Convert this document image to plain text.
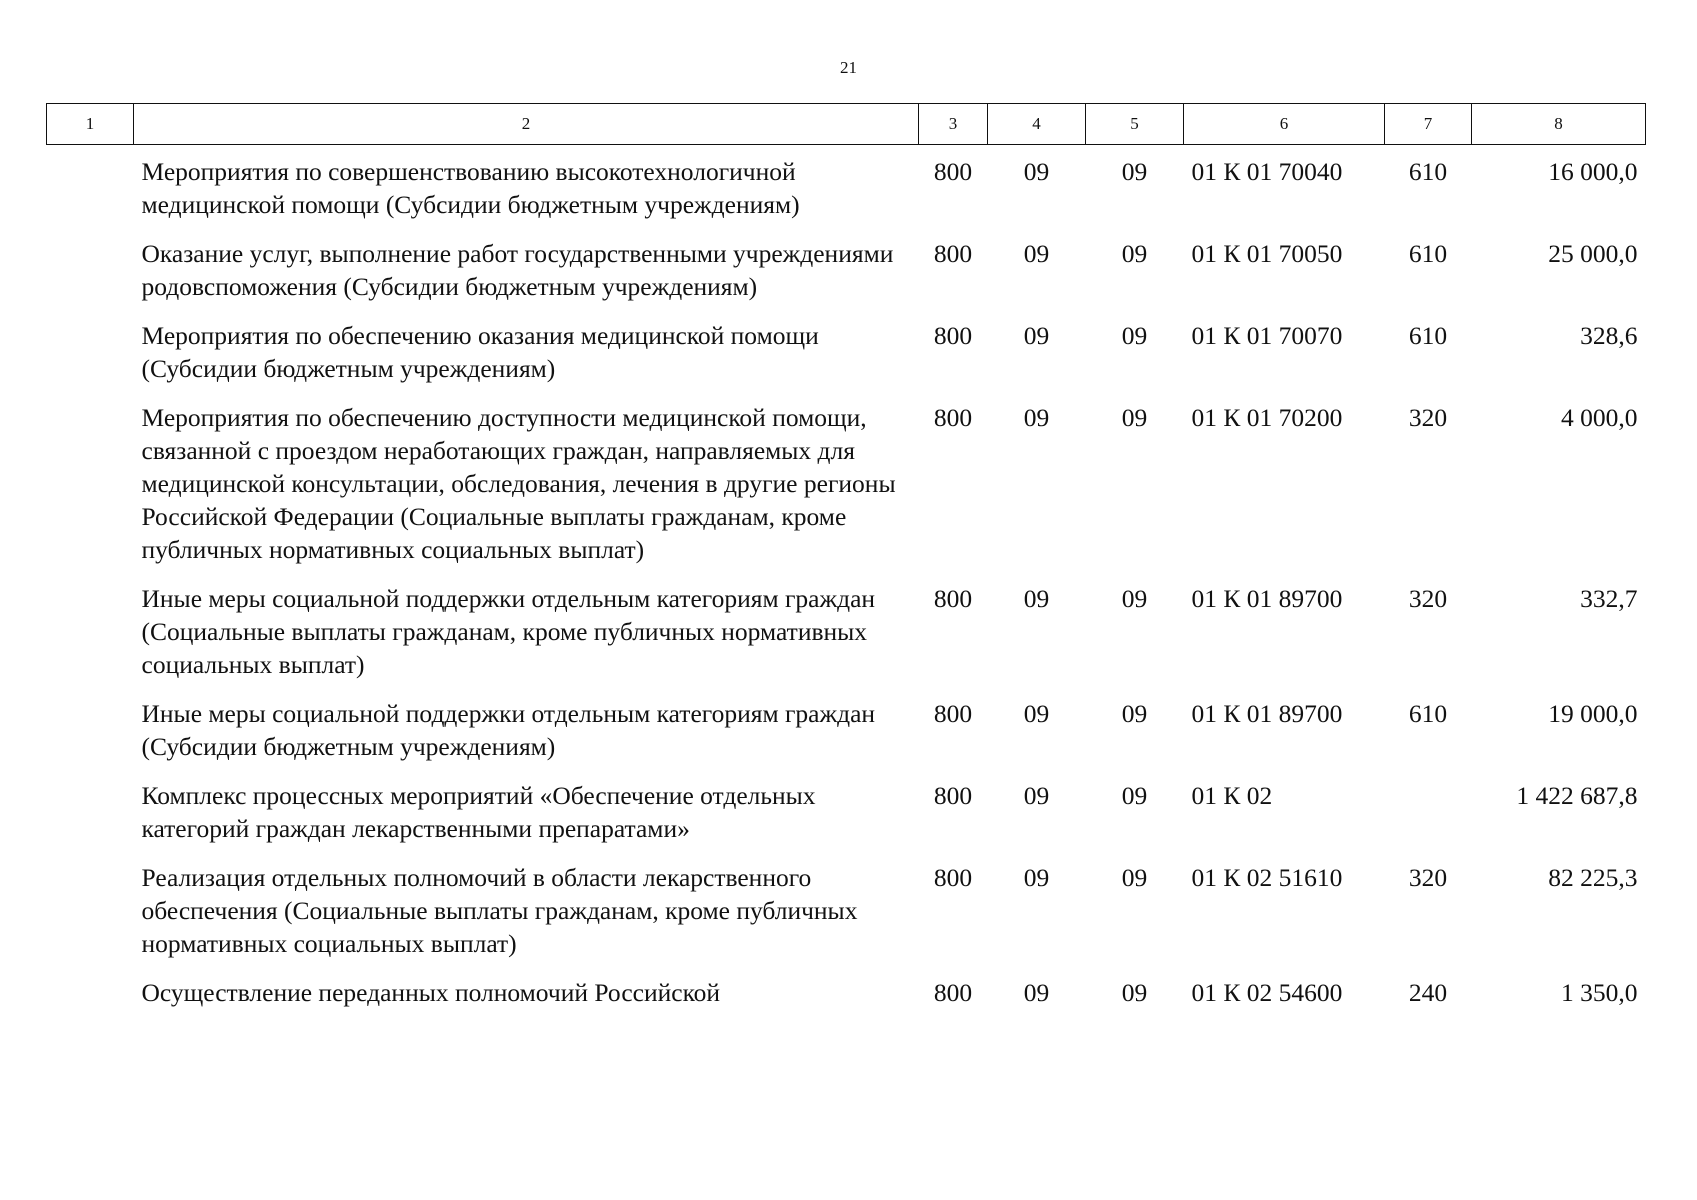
21
1	2	3	4	5	6	7	8
	Мероприятия по совершенствованию высокотехнологичной медицинской помощи (Субсидии бюджетным учреждениям)	800	09	09	01 К 01 70040	610	16 000,0
	Оказание услуг, выполнение работ государственными учреждениями родовспоможения (Субсидии бюджетным учреждениям)	800	09	09	01 К 01 70050	610	25 000,0
	Мероприятия по обеспечению оказания медицинской помощи (Субсидии бюджетным учреждениям)	800	09	09	01 К 01 70070	610	328,6
	Мероприятия по обеспечению доступности медицинской помощи, связанной с проездом неработающих граждан, направляемых для медицинской консультации, обследования, лечения в другие регионы Российской Федерации (Социальные выплаты гражданам, кроме публичных нормативных социальных выплат)	800	09	09	01 К 01 70200	320	4 000,0
	Иные меры социальной поддержки отдельным категориям граждан (Социальные выплаты гражданам, кроме публичных нормативных социальных выплат)	800	09	09	01 К 01 89700	320	332,7
	Иные меры социальной поддержки отдельным категориям граждан (Субсидии бюджетным учреждениям)	800	09	09	01 К 01 89700	610	19 000,0
	Комплекс процессных мероприятий «Обеспечение отдельных категорий граждан лекарственными препаратами»	800	09	09	01 К 02		1 422 687,8
	Реализация отдельных полномочий в области лекарственного обеспечения (Социальные выплаты гражданам, кроме публичных нормативных социальных выплат)	800	09	09	01 К 02 51610	320	82 225,3
	Осуществление переданных полномочий Российской	800	09	09	01 К 02 54600	240	1 350,0
